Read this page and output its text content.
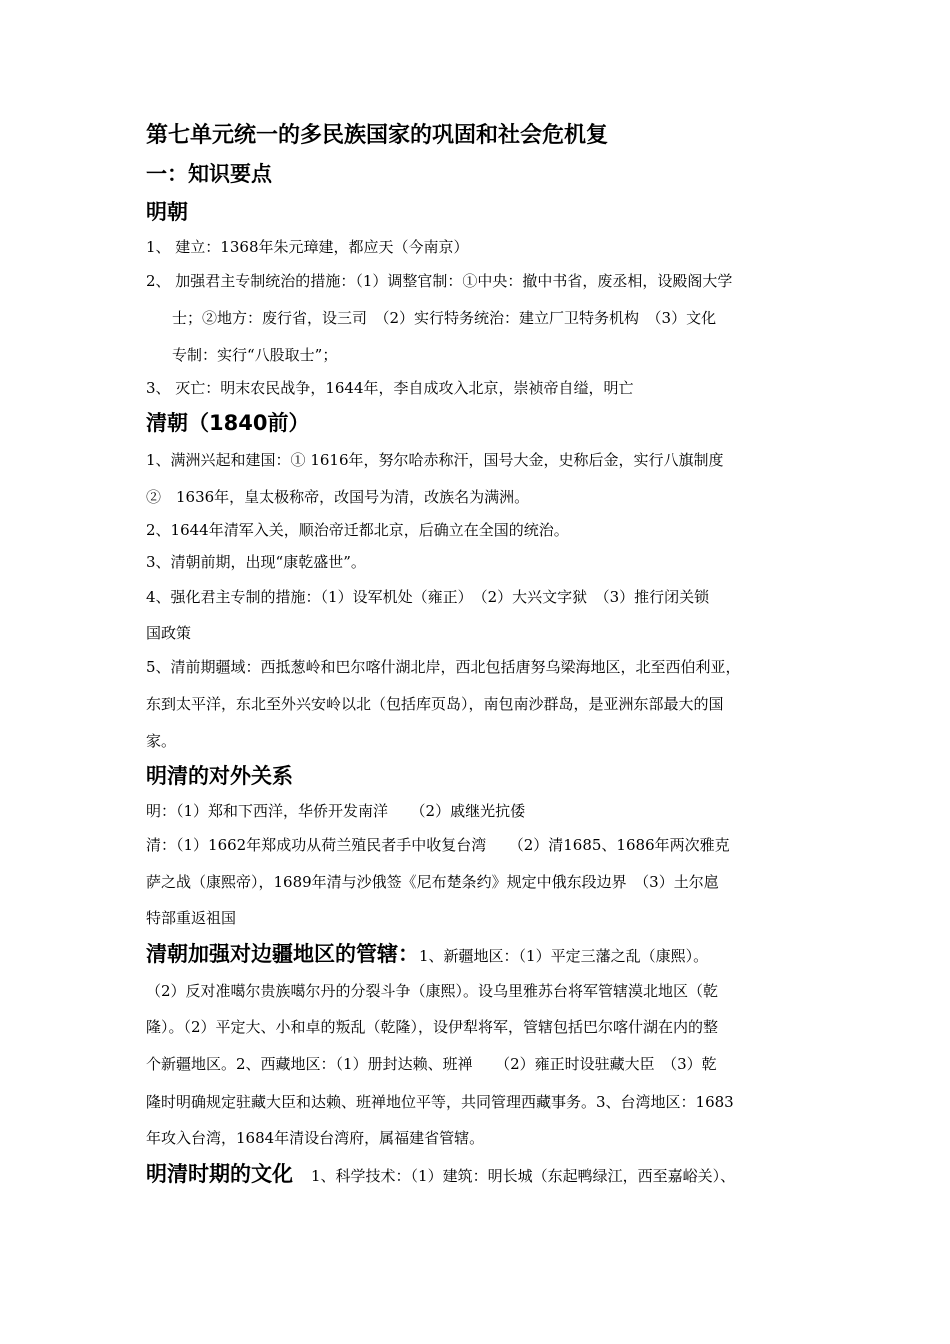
第七单元统一的多民族国家的巩固和社会危机复
一：知识要点
明朝
1、 建立：1368年朱元璋建，都应天（今南京）
2、 加强君主专制统治的措施：（1）调整官制：①中央：撤中书省，废丞相，设殿阁大学
士；②地方：废行省，设三司　（2）实行特务统治：建立厂卫特务机构　（3）文化
专制：实行“八股取士”；
3、 灭亡：明末农民战争，1644年，李自成攻入北京，崇祯帝自缢，明亡
清朝（1840前）
1、满洲兴起和建国：① 1616年，努尔哈赤称汗，国号大金，史称后金，实行八旗制度
②　1636年，皇太极称帝，改国号为清，改族名为满洲。
2、1644年清军入关，顺治帝迁都北京，后确立在全国的统治。
3、清朝前期，出现“康乾盛世”。
4、强化君主专制的措施：（1）设军机处（雍正）　（2）大兴文字狱　（3）推行闭关锁
国政策
5、清前期疆域：西抵葱岭和巴尔喀什湖北岸，西北包括唐努乌梁海地区，北至西伯利亚，
东到太平洋，东北至外兴安岭以北（包括库页岛），南包南沙群岛，是亚洲东部最大的国
家。
明清的对外关系
明：（1）郑和下西洋，华侨开发南洋　　（2）戚继光抗倭
清：（1）1662年郑成功从荷兰殖民者手中收复台湾　　（2）清1685、1686年两次雅克
萨之战（康熙帝），1689年清与沙俄签《尼布楚条约》规定中俄东段边界　（3）土尔扈
特部重返祖国
清朝加强对边疆地区的管辖：1、新疆地区：（1）平定三藩之乱（康熙）。
（2）反对准噶尔贵族噶尔丹的分裂斗争（康熙）。设乌里雅苏台将军管辖漠北地区（乾
隆）。（2）平定大、小和卓的叛乱（乾隆），设伊犁将军，管辖包括巴尔喀什湖在内的整
个新疆地区。2、西藏地区：（1）册封达赖、班禅　　（2）雍正时设驻藏大臣　（3）乾
隆时明确规定驻藏大臣和达赖、班禅地位平等，共同管理西藏事务。3、台湾地区：1683
年攻入台湾，1684年清设台湾府，属福建省管辖。
明清时期的文化 1、科学技术：（1）建筑：明长城（东起鸭绿江，西至嘉峪关）、
